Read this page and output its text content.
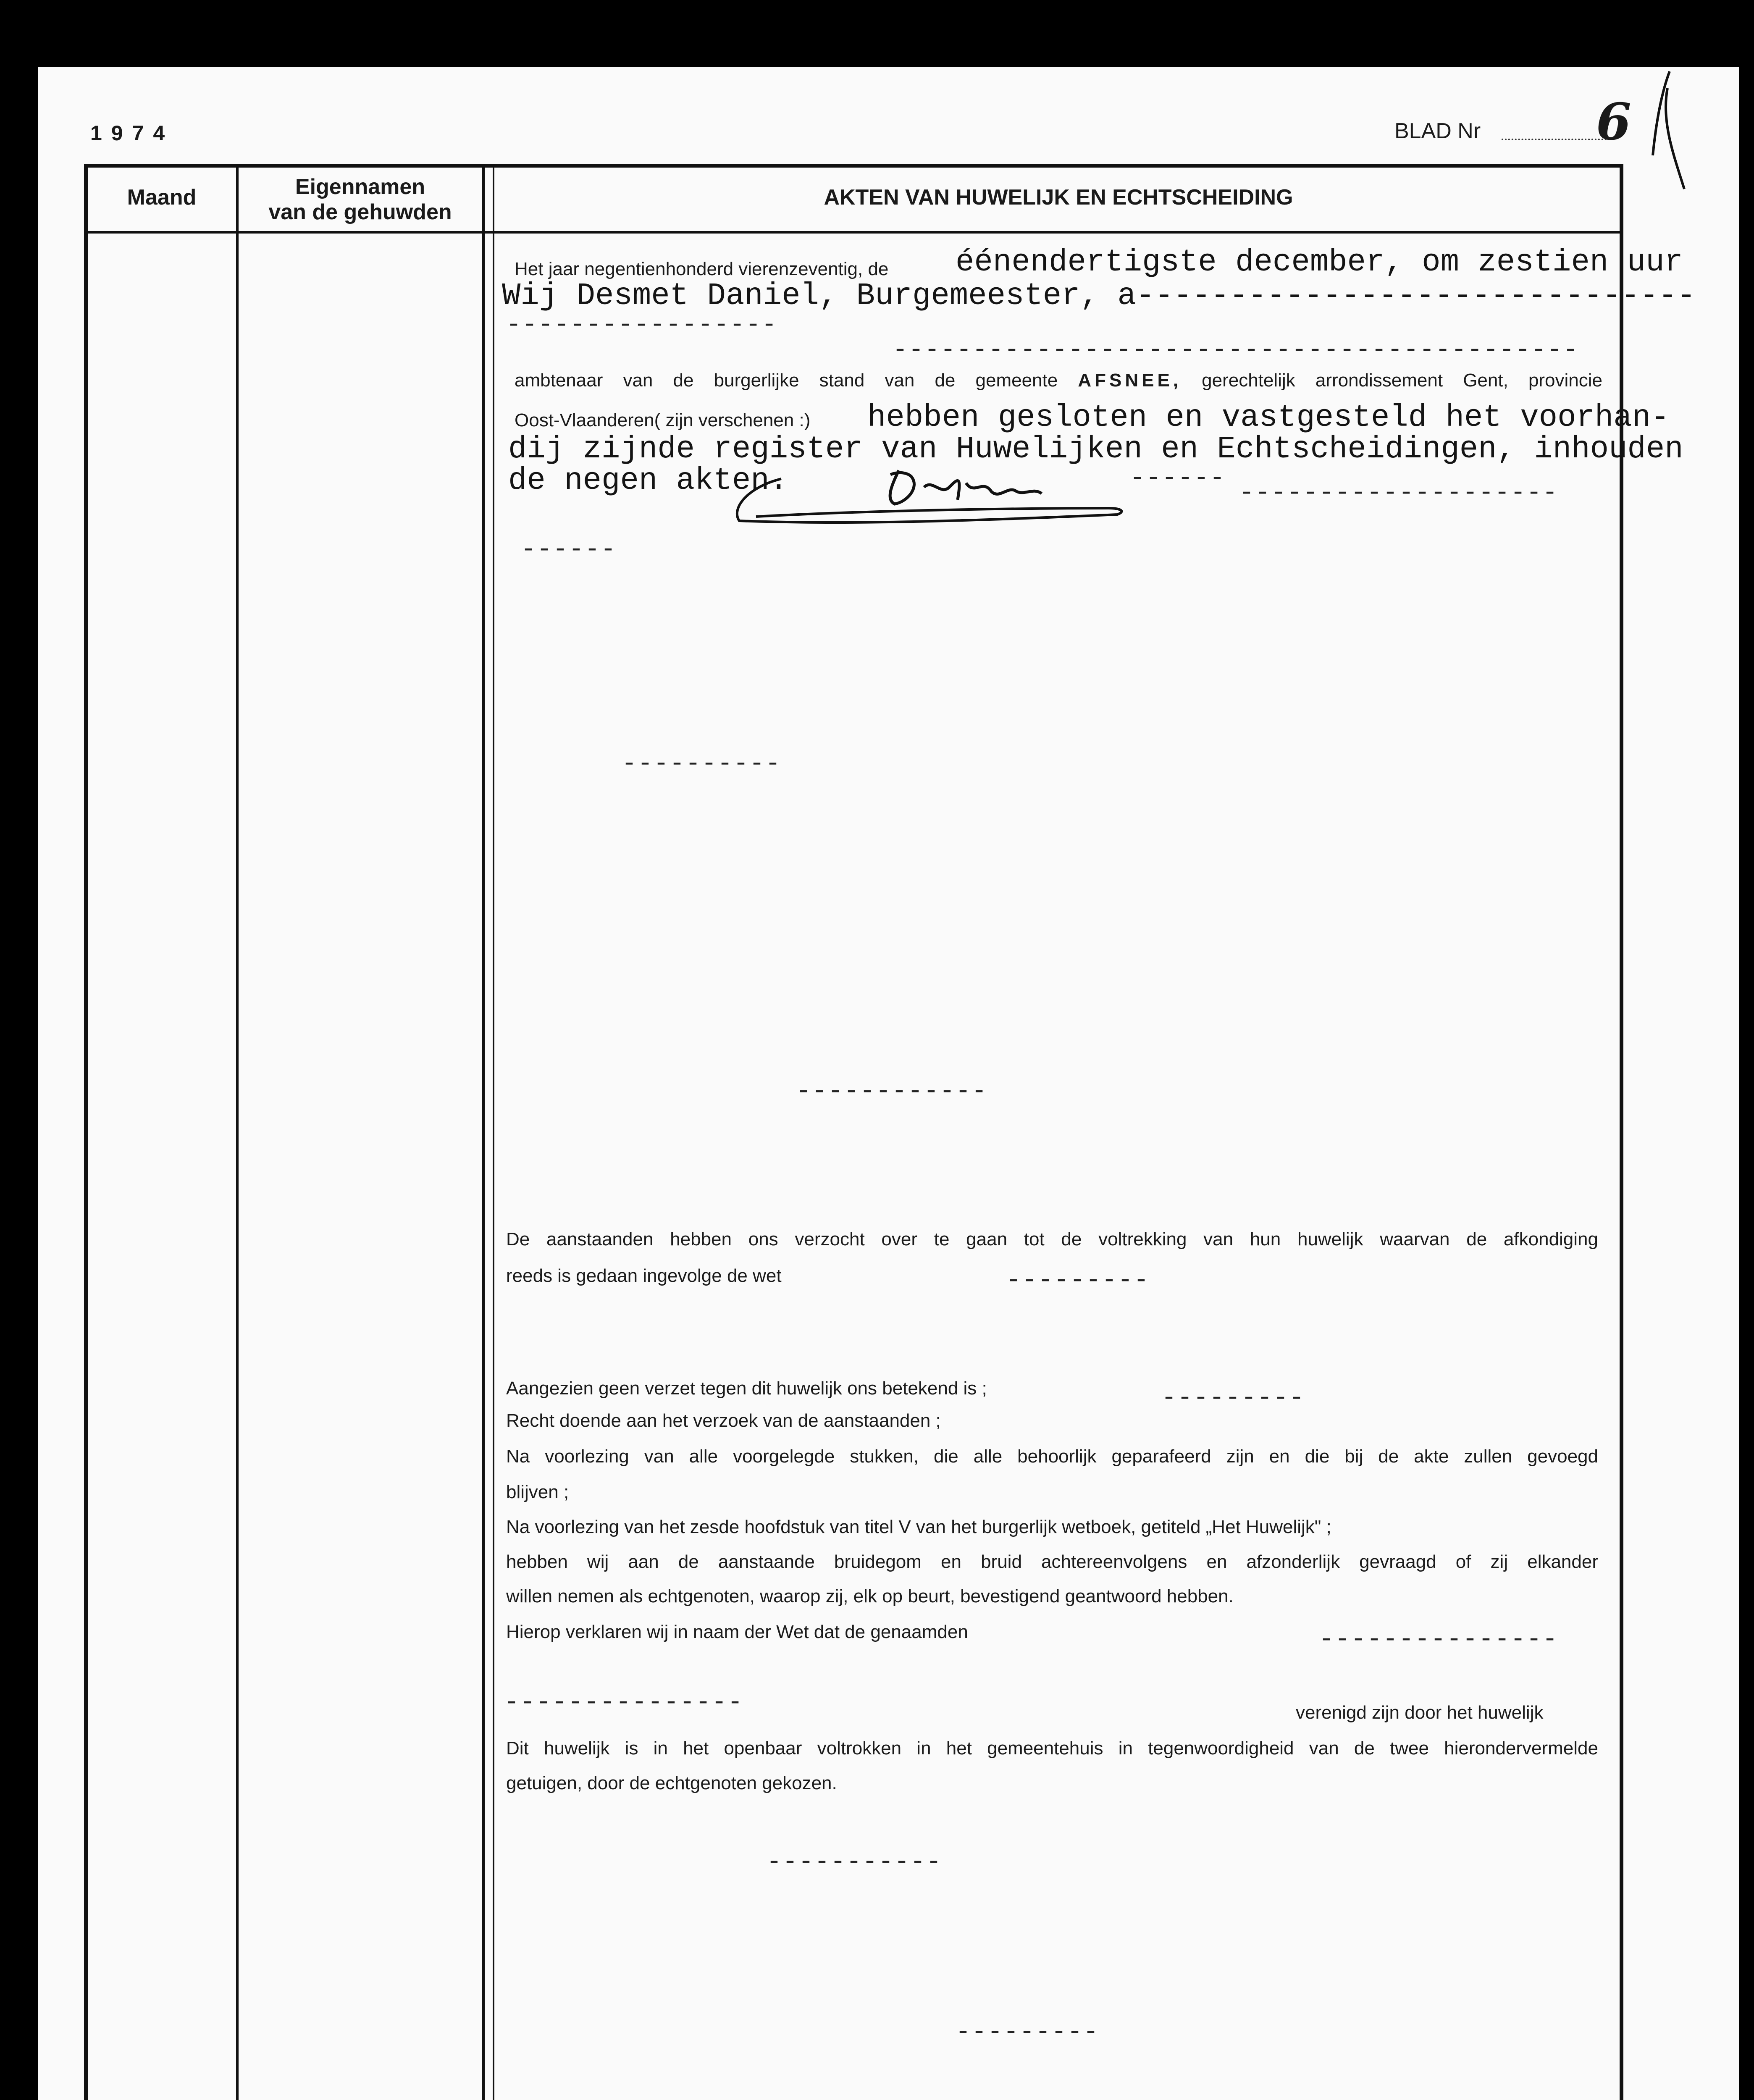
1974	BLAD Nr 6
Maand	Eigennamen
van de gehuwden
AKTEN VAN HUWELIJK EN ECHTSCHEIDING
Het jaar negentienhonderd vierenzeventig, de éénendertigste december, om zestien uur
Wij Desmet Daniel, Burgemeester, a------------------------------
-----------------
-------------------------------------------
ambtenaar van de burgerlijke stand van de gemeente AFSNEE, gerechtelijk arrondissement Gent, provincie
Oost-Vlaanderen( zijn verschenen :) hebben gesloten en vastgesteld het voorhan-
dij zijnde register van Huwelijken en Echtscheidingen, inhouden
de negen akten.	------
--------------------
------
----------
------------
De aanstaanden hebben ons verzocht over te gaan tot de voltrekking van hun huwelijk waarvan de afkondiging
reeds is gedaan ingevolge de wet	---------
Aangezien geen verzet tegen dit huwelijk ons betekend is ;	---------
Recht doende aan het verzoek van de aanstaanden ;
Na voorlezing van alle voorgelegde stukken, die alle behoorlijk geparafeerd zijn en die bij de akte zullen gevoegd
blijven ;
Na voorlezing van het zesde hoofdstuk van titel V van het burgerlijk wetboek, getiteld „Het Huwelijk" ;
hebben wij aan de aanstaande bruidegom en bruid achtereenvolgens en afzonderlijk gevraagd of zij elkander
willen nemen als echtgenoten, waarop zij, elk op beurt, bevestigend geantwoord hebben.
Hierop verklaren wij in naam der Wet dat de genaamden	---------------
---------------	verenigd zijn door het huwelijk
Dit huwelijk is in het openbaar voltrokken in het gemeentehuis in tegenwoordigheid van de twee hierondervermelde
getuigen, door de echtgenoten gekozen.
-----------
---------
